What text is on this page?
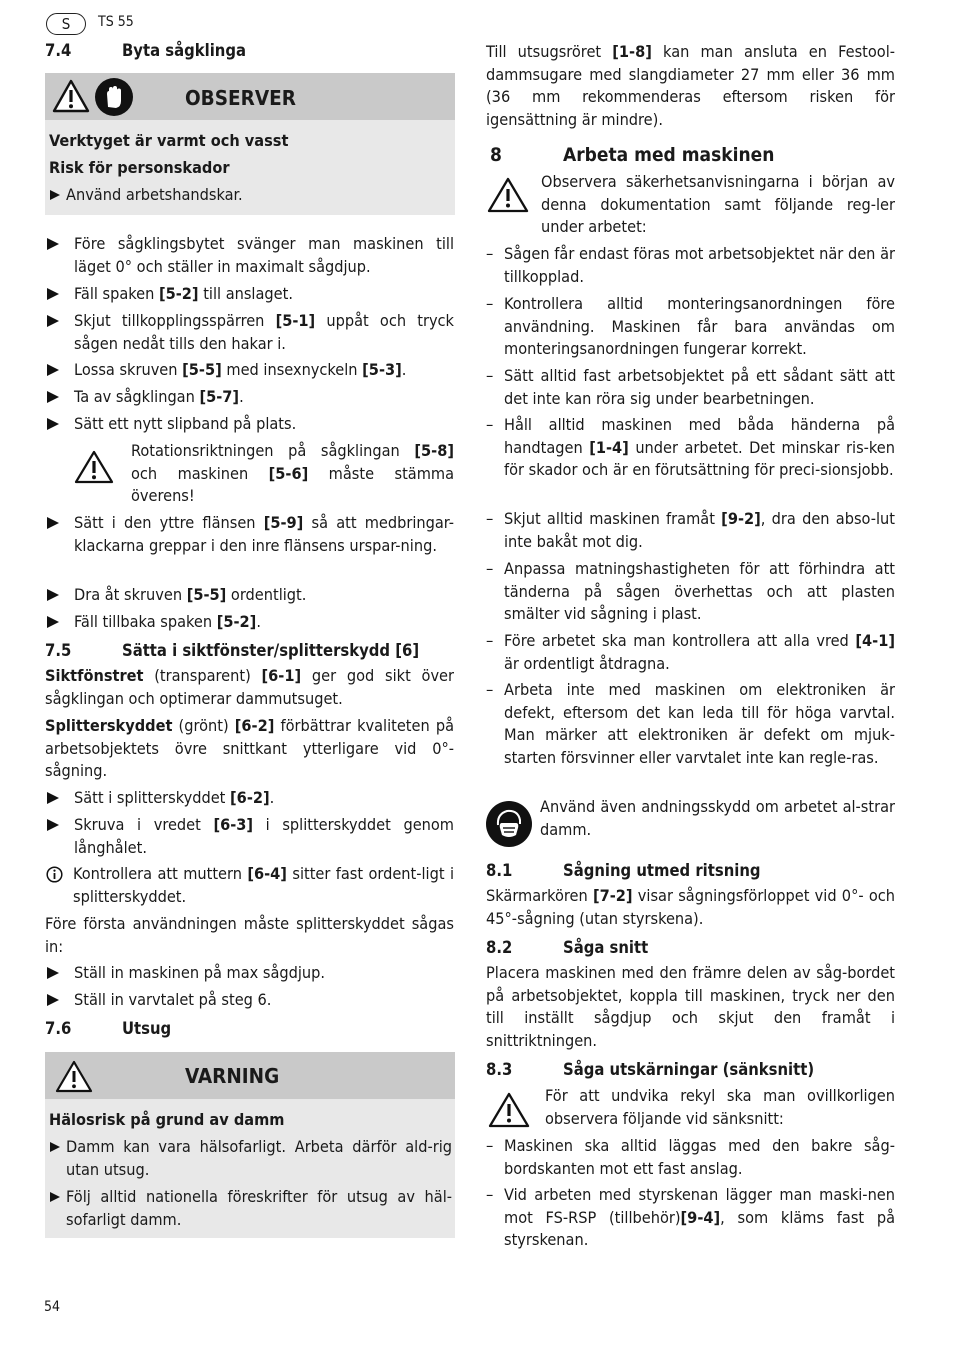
S	TS 55
7.4	Byta sågklinga
OBSERVER
Verktyget är varmt och vasst
Risk för personskador
Använd arbetshandskar.
Före sågklingsbytet svänger man maskinen till läget 0° och ställer in maximalt sågdjup.
Fäll spaken [5-2] till anslaget.
Skjut tillkopplingsspärren [5-1] uppåt och tryck sågen nedåt tills den hakar i.
Lossa skruven [5-5] med insexnyckeln [5-3].
Ta av sågklingan [5-7].
Sätt ett nytt slipband på plats.
Rotationsriktningen på sågklingan [5-8] och maskinen [5-6] måste stämma överens!
Sätt i den yttre flänsen [5-9] så att medbringar-klackarna greppar i den inre flänsens urspar-ning.
Dra åt skruven [5-5] ordentligt.
Fäll tillbaka spaken [5-2].
7.5	Sätta i siktfönster/splitterskydd [6]
Siktfönstret (transparent) [6-1] ger god sikt över sågklingan och optimerar dammutsuget.
Splitterskyddet (grönt) [6-2] förbättrar kvaliteten på arbetsobjektets övre snittkant ytterligare vid 0°-sågning.
Sätt i splitterskyddet [6-2].
Skruva i vredet [6-3] i splitterskyddet genom långhålet.
Kontrollera att muttern [6-4] sitter fast ordent-ligt i splitterskyddet.
Före första användningen måste splitterskyddet sågas in:
Ställ in maskinen på max sågdjup.
Ställ in varvtalet på steg 6.
7.6	Utsug
VARNING
Hälosrisk på grund av damm
Damm kan vara hälsofarligt. Arbeta därför ald-rig utan utsug.
Följ alltid nationella föreskrifter för utsug av häl-sofarligt damm.
Till utsugsröret [1-8] kan man ansluta en Festool-dammsugare med slangdiameter 27 mm eller 36 mm (36 mm rekommenderas eftersom risken för igensättning är mindre).
8	Arbeta med maskinen
Observera säkerhetsanvisningarna i början av denna dokumentation samt följande reg-ler under arbetet:
– Sågen får endast föras mot arbetsobjektet när den är tillkopplad.
– Kontrollera alltid monteringsanordningen före användning. Maskinen får bara användas om monteringsanordningen fungerar korrekt.
– Sätt alltid fast arbetsobjektet på ett sådant sätt att det inte kan röra sig under bearbetningen.
– Håll alltid maskinen med båda händerna på handtagen [1-4] under arbetet. Det minskar ris-ken för skador och är en förutsättning för preci-sionsjobb.
– Skjut alltid maskinen framåt [9-2], dra den abso-lut inte bakåt mot dig.
– Anpassa matningshastigheten för att förhindra att tänderna på sågen överhettas och att plasten smälter vid sågning i plast.
– Före arbetet ska man kontrollera att alla vred [4-1] är ordentligt åtdragna.
– Arbeta inte med maskinen om elektroniken är defekt, eftersom det kan leda till för höga varvtal. Man märker att elektroniken är defekt om mjuk-starten försvinner eller varvtalet inte kan regle-ras.
Använd även andningsskydd om arbetet al-strar damm.
8.1	Sågning utmed ritsning
Skärmarkören [7-2] visar sågningsförloppet vid 0°- och 45°-sågning (utan styrskena).
8.2	Såga snitt
Placera maskinen med den främre delen av såg-bordet på arbetsobjektet, koppla till maskinen, tryck ner den till inställt sågdjup och skjut den framåt i snittriktningen.
8.3	Såga utskärningar (sänksnitt)
För att undvika rekyl ska man ovillkorligen observera följande vid sänksnitt:
– Maskinen ska alltid läggas med den bakre såg-bordskanten mot ett fast anslag.
– Vid arbeten med styrskenan lägger man maski-nen mot FS-RSP (tillbehör)[9-4], som kläms fast på styrskenan.
54
